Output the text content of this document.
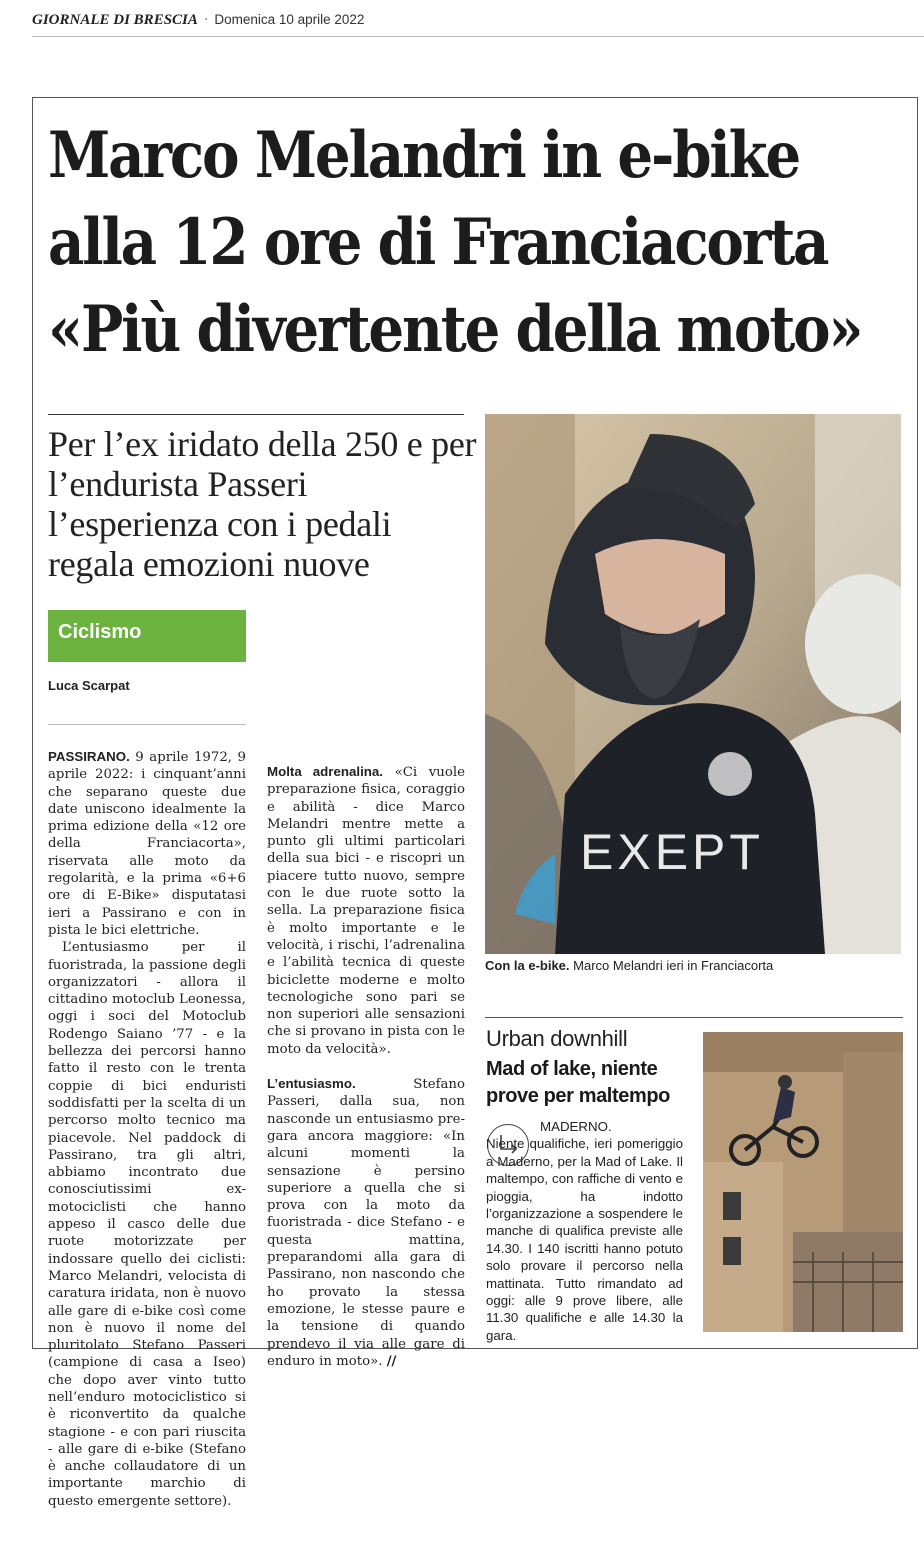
GIORNALE DI BRESCIA · Domenica 10 aprile 2022
Marco Melandri in e-bike
alla 12 ore di Franciacorta
«Più divertente della moto»
Per l’ex iridato della 250 e per l’endurista Passeri l’esperienza con i pedali regala emozioni nuove
Ciclismo
Luca Scarpat

PASSIRANO. 9 aprile 1972, 9 aprile 2022: i cinquant’anni che separano queste due date uniscono idealmente la prima edizione della «12 ore della Franciacorta», riservata alle moto da regolarità, e la prima «6+6 ore di E-Bike» disputatasi ieri a Passirano e con in pista le bici elettriche.

L’entusiasmo per il fuoristrada, la passione degli organizzatori - allora il cittadino motoclub Leonessa, oggi i soci del Motoclub Rodengo Saiano ’77 - e la bellezza dei percorsi hanno fatto il resto con le trenta coppie di bici enduristi soddisfatti per la scelta di un percorso molto tecnico ma piacevole. Nel paddock di Passirano, tra gli altri, abbiamo incontrato due conosciutissimi ex-motociclisti che hanno appeso il casco delle due ruote motorizzate per indossare quello dei ciclisti: Marco Melandri, velocista di caratura iridata, non è nuovo alle gare di e-bike così come non è nuovo il nome del pluritolato Stefano Passeri (campione di casa a Iseo) che dopo aver vinto tutto nell’enduro motociclistico si è riconvertito da qualche stagione - e con pari riuscita - alle gare di e-bike (Stefano è anche collaudatore di un importante marchio di questo emergente settore).

Molta adrenalina. «Ci vuole preparazione fisica, coraggio e abilità - dice Marco Melandri mentre mette a punto gli ultimi particolari della sua bici - e riscopri un piacere tutto nuovo, sempre con le due ruote sotto la sella. La preparazione fisica è molto importante e le velocità, i rischi, l’adrenalina e l’abilità tecnica di queste biciclette moderne e molto tecnologiche sono pari se non superiori alle sensazioni che si provano in pista con le moto da velocità».

L’entusiasmo.	Stefano Passeri, dalla sua, non nasconde un entusiasmo pre-gara ancora maggiore: «In alcuni momenti la sensazione è persino superiore a quella che si prova con la moto da fuoristrada - dice Stefano - e questa mattina, preparandomi alla gara di Passirano, non nascondo che ho provato la stessa emozione, le stesse paure e la tensione di quando prendevo il via alle gare di enduro in moto». //

EXEPT
Con la e-bike. Marco Melandri ieri in Franciacorta
Urban downhill
Mad of lake, niente prove per maltempo
MADERNO.
Niente qualifiche, ieri pomeriggio a Maderno, per la Mad of Lake. Il maltempo, con raffiche di vento e pioggia, ha indotto l’organizzazione a sospendere le manche di qualifica previste alle 14.30. I 140 iscritti hanno potuto solo provare il percorso nella mattinata. Tutto rimandato ad oggi: alle 9 prove libere, alle 11.30 qualifiche e alle 14.30 la gara.
